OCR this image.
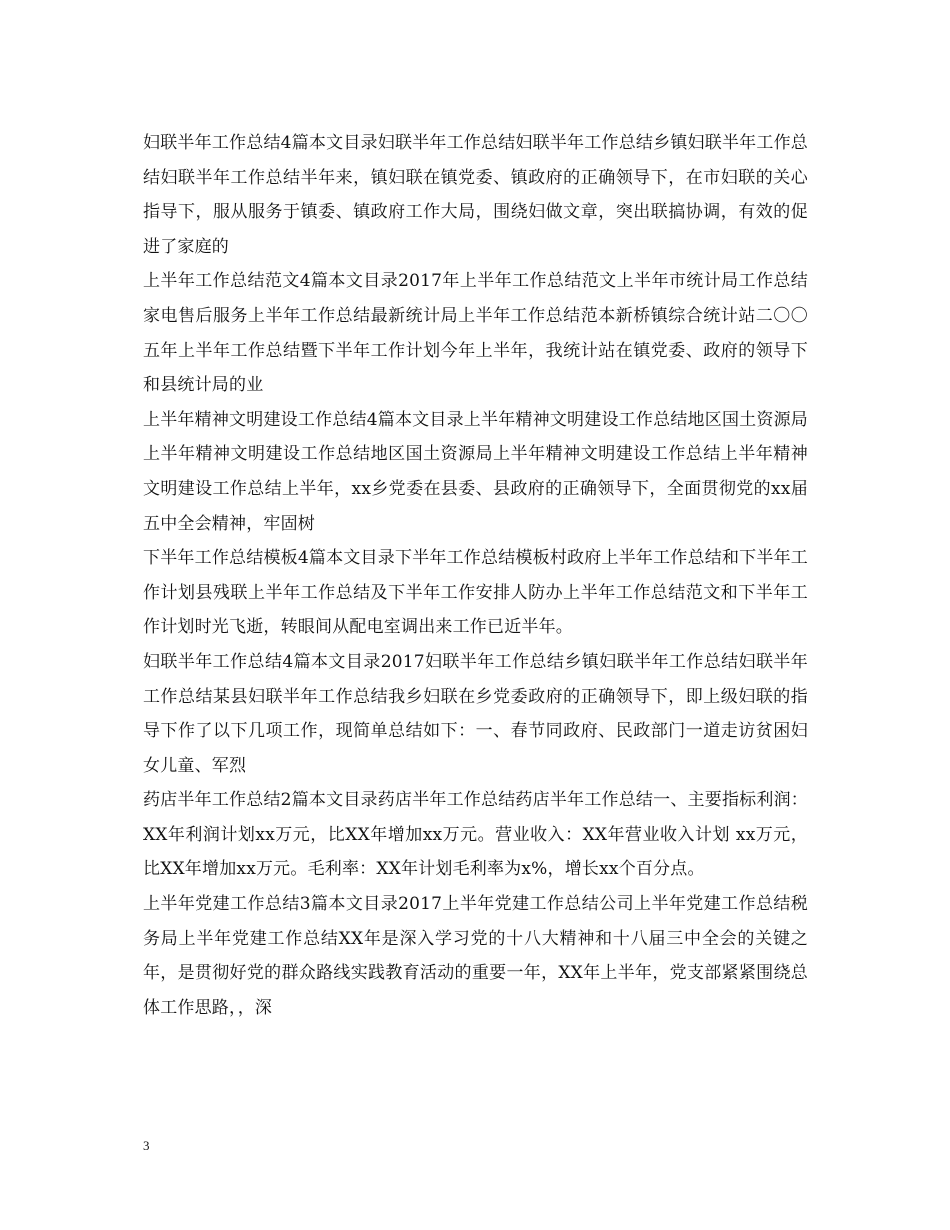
妇联半年工作总结4篇本文目录妇联半年工作总结妇联半年工作总结乡镇妇联半年工作总结妇联半年工作总结半年来，镇妇联在镇党委、镇政府的正确领导下，在市妇联的关心指导下，服从服务于镇委、镇政府工作大局，围绕妇做文章，突出联搞协调，有效的促进了家庭的

上半年工作总结范文4篇本文目录2017年上半年工作总结范文上半年市统计局工作总结家电售后服务上半年工作总结最新统计局上半年工作总结范本新桥镇综合统计站二〇〇五年上半年工作总结暨下半年工作计划今年上半年，我统计站在镇党委、政府的领导下和县统计局的业

上半年精神文明建设工作总结4篇本文目录上半年精神文明建设工作总结地区国土资源局上半年精神文明建设工作总结地区国土资源局上半年精神文明建设工作总结上半年精神文明建设工作总结上半年，xx乡党委在县委、县政府的正确领导下，全面贯彻党的xx届五中全会精神，牢固树

下半年工作总结模板4篇本文目录下半年工作总结模板村政府上半年工作总结和下半年工作计划县残联上半年工作总结及下半年工作安排人防办上半年工作总结范文和下半年工作计划时光飞逝，转眼间从配电室调出来工作已近半年。

妇联半年工作总结4篇本文目录2017妇联半年工作总结乡镇妇联半年工作总结妇联半年工作总结某县妇联半年工作总结我乡妇联在乡党委政府的正确领导下，即上级妇联的指导下作了以下几项工作，现简单总结如下：一、春节同政府、民政部门一道走访贫困妇女儿童、军烈

药店半年工作总结2篇本文目录药店半年工作总结药店半年工作总结一、主要指标利润：XX年利润计划xx万元，比XX年增加xx万元。营业收入：XX年营业收入计划 xx万元，比XX年增加xx万元。毛利率：XX年计划毛利率为x%，增长xx个百分点。

上半年党建工作总结3篇本文目录2017上半年党建工作总结公司上半年党建工作总结税务局上半年党建工作总结XX年是深入学习党的十八大精神和十八届三中全会的关键之年，是贯彻好党的群众路线实践教育活动的重要一年，XX年上半年，党支部紧紧围绕总体工作思路，，深

3
